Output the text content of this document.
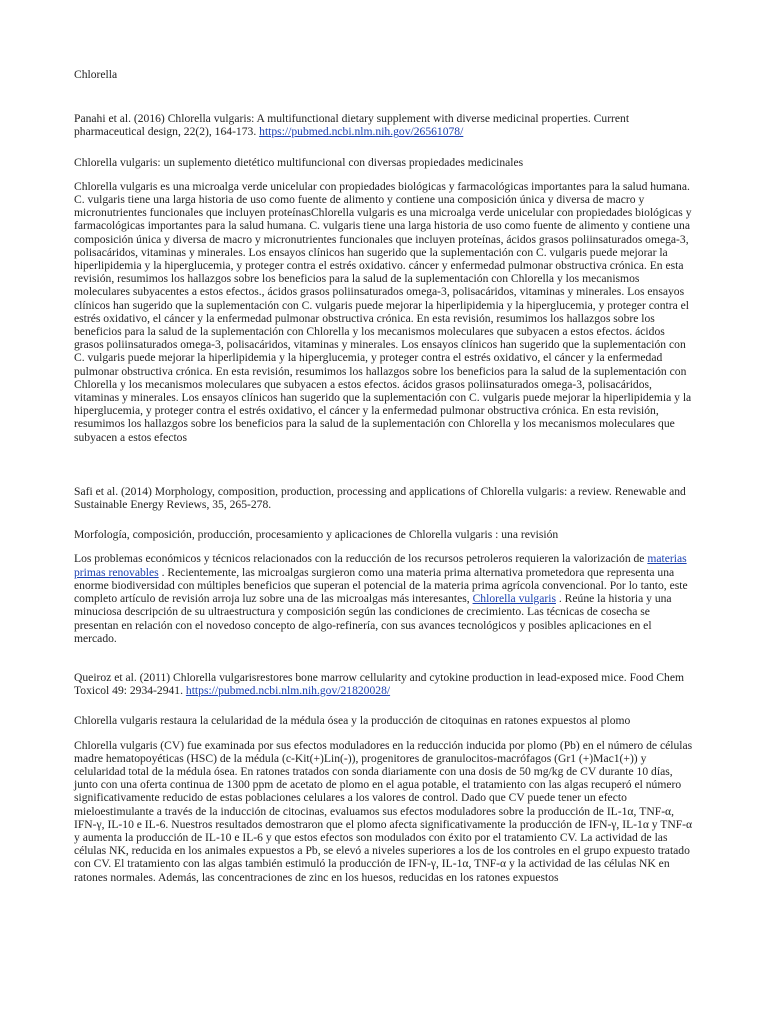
Chlorella

Panahi et al. (2016) Chlorella vulgaris: A multifunctional dietary supplement with diverse medicinal properties. Current pharmaceutical design, 22(2), 164-173. https://pubmed.ncbi.nlm.nih.gov/26561078/

Chlorella vulgaris: un suplemento dietético multifuncional con diversas propiedades medicinales

Chlorella vulgaris es una microalga verde unicelular con propiedades biológicas y farmacológicas importantes para la salud humana. C. vulgaris tiene una larga historia de uso como fuente de alimento y contiene una composición única y diversa de macro y micronutrientes funcionales que incluyen proteínasChlorella vulgaris es una microalga verde unicelular con propiedades biológicas y farmacológicas importantes para la salud humana. C. vulgaris tiene una larga historia de uso como fuente de alimento y contiene una composición única y diversa de macro y micronutrientes funcionales que incluyen proteínas, ácidos grasos poliinsaturados omega-3, polisacáridos, vitaminas y minerales. Los ensayos clínicos han sugerido que la suplementación con C. vulgaris puede mejorar la hiperlipidemia y la hiperglucemia, y proteger contra el estrés oxidativo. cáncer y enfermedad pulmonar obstructiva crónica. En esta revisión, resumimos los hallazgos sobre los beneficios para la salud de la suplementación con Chlorella y los mecanismos moleculares subyacentes a estos efectos., ácidos grasos poliinsaturados omega-3, polisacáridos, vitaminas y minerales. Los ensayos clínicos han sugerido que la suplementación con C. vulgaris puede mejorar la hiperlipidemia y la hiperglucemia, y proteger contra el estrés oxidativo, el cáncer y la enfermedad pulmonar obstructiva crónica. En esta revisión, resumimos los hallazgos sobre los beneficios para la salud de la suplementación con Chlorella y los mecanismos moleculares que subyacen a estos efectos. ácidos grasos poliinsaturados omega-3, polisacáridos, vitaminas y minerales. Los ensayos clínicos han sugerido que la suplementación con C. vulgaris puede mejorar la hiperlipidemia y la hiperglucemia, y proteger contra el estrés oxidativo, el cáncer y la enfermedad pulmonar obstructiva crónica. En esta revisión, resumimos los hallazgos sobre los beneficios para la salud de la suplementación con Chlorella y los mecanismos moleculares que subyacen a estos efectos. ácidos grasos poliinsaturados omega-3, polisacáridos, vitaminas y minerales. Los ensayos clínicos han sugerido que la suplementación con C. vulgaris puede mejorar la hiperlipidemia y la hiperglucemia, y proteger contra el estrés oxidativo, el cáncer y la enfermedad pulmonar obstructiva crónica. En esta revisión, resumimos los hallazgos sobre los beneficios para la salud de la suplementación con Chlorella y los mecanismos moleculares que subyacen a estos efectos

Safi et al. (2014) Morphology, composition, production, processing and applications of Chlorella vulgaris: a review. Renewable and Sustainable Energy Reviews, 35, 265-278.

Morfología, composición, producción, procesamiento y aplicaciones de Chlorella vulgaris : una revisión

Los problemas económicos y técnicos relacionados con la reducción de los recursos petroleros requieren la valorización de materias primas renovables . Recientemente, las microalgas surgieron como una materia prima alternativa prometedora que representa una enorme biodiversidad con múltiples beneficios que superan el potencial de la materia prima agrícola convencional. Por lo tanto, este completo artículo de revisión arroja luz sobre una de las microalgas más interesantes, Chlorella vulgaris . Reúne la historia y una minuciosa descripción de su ultraestructura y composición según las condiciones de crecimiento. Las técnicas de cosecha se presentan en relación con el novedoso concepto de algo-refinería, con sus avances tecnológicos y posibles aplicaciones en el mercado.

Queiroz et al. (2011) Chlorella vulgarisrestores bone marrow cellularity and cytokine production in lead-exposed mice. Food Chem Toxicol 49: 2934-2941. https://pubmed.ncbi.nlm.nih.gov/21820028/

Chlorella vulgaris restaura la celularidad de la médula ósea y la producción de citoquinas en ratones expuestos al plomo

Chlorella vulgaris (CV) fue examinada por sus efectos moduladores en la reducción inducida por plomo (Pb) en el número de células madre hematopoyéticas (HSC) de la médula (c-Kit(+)Lin(-)), progenitores de granulocitos-macrófagos (Gr1 (+)Mac1(+)) y celularidad total de la médula ósea. En ratones tratados con sonda diariamente con una dosis de 50 mg/kg de CV durante 10 días, junto con una oferta continua de 1300 ppm de acetato de plomo en el agua potable, el tratamiento con las algas recuperó el número significativamente reducido de estas poblaciones celulares a los valores de control. Dado que CV puede tener un efecto mieloestimulante a través de la inducción de citocinas, evaluamos sus efectos moduladores sobre la producción de IL-1α, TNF-α, IFN-γ, IL-10 e IL-6. Nuestros resultados demostraron que el plomo afecta significativamente la producción de IFN-γ, IL-1α y TNF-α y aumenta la producción de IL-10 e IL-6 y que estos efectos son modulados con éxito por el tratamiento CV. La actividad de las células NK, reducida en los animales expuestos a Pb, se elevó a niveles superiores a los de los controles en el grupo expuesto tratado con CV. El tratamiento con las algas también estimuló la producción de IFN-γ, IL-1α, TNF-α y la actividad de las células NK en ratones normales. Además, las concentraciones de zinc en los huesos, reducidas en los ratones expuestos
